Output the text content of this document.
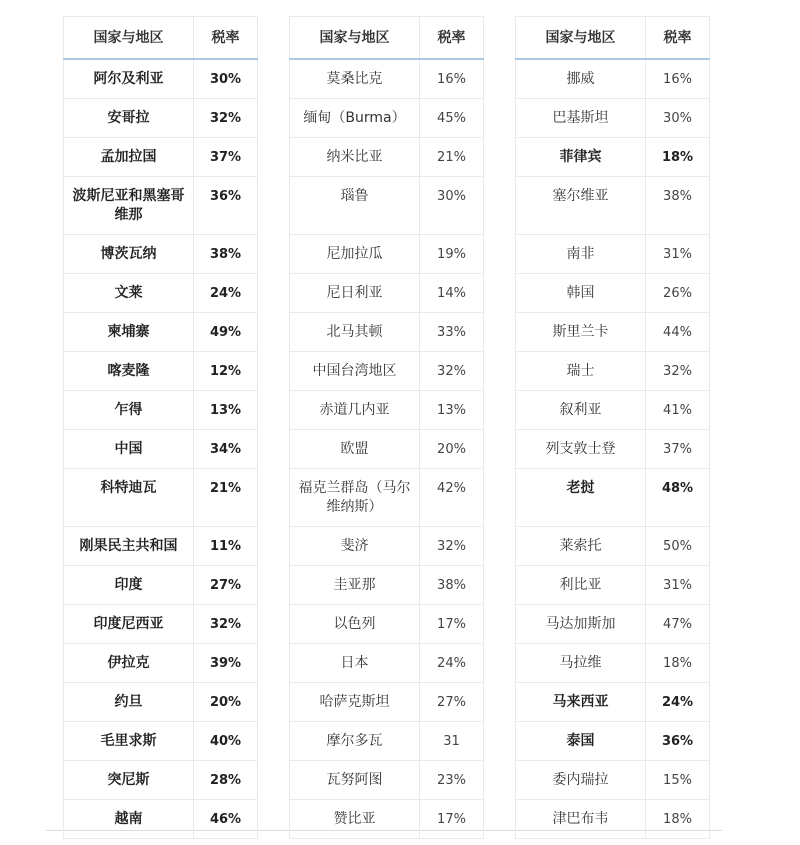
国家与地区	税率
阿尔及利亚	30%
安哥拉	32%
孟加拉国	37%
波斯尼亚和黑塞哥维那	36%
博茨瓦纳	38%
文莱	24%
柬埔寨	49%
喀麦隆	12%
乍得	13%
中国	34%
科特迪瓦	21%
刚果民主共和国	11%
印度	27%
印度尼西亚	32%
伊拉克	39%
约旦	20%
毛里求斯	40%
突尼斯	28%
越南	46%
国家与地区	税率
莫桑比克	16%
缅甸（Burma）	45%
纳米比亚	21%
瑙鲁	30%
尼加拉瓜	19%
尼日利亚	14%
北马其顿	33%
中国台湾地区	32%
赤道几内亚	13%
欧盟	20%
福克兰群岛（马尔维纳斯）	42%
斐济	32%
圭亚那	38%
以色列	17%
日本	24%
哈萨克斯坦	27%
摩尔多瓦	31
瓦努阿图	23%
赞比亚	17%
国家与地区	税率
挪威	16%
巴基斯坦	30%
菲律宾	18%
塞尔维亚	38%
南非	31%
韩国	26%
斯里兰卡	44%
瑞士	32%
叙利亚	41%
列支敦士登	37%
老挝	48%
莱索托	50%
利比亚	31%
马达加斯加	47%
马拉维	18%
马来西亚	24%
泰国	36%
委内瑞拉	15%
津巴布韦	18%
